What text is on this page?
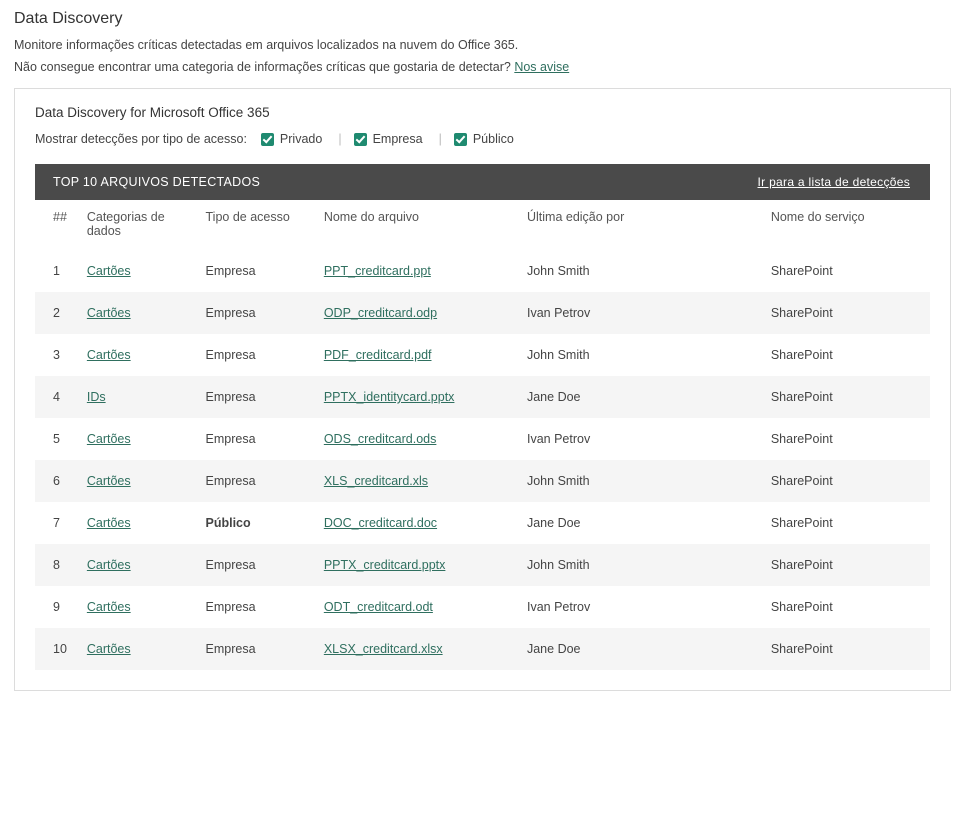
Data Discovery
Monitore informações críticas detectadas em arquivos localizados na nuvem do Office 365.
Não consegue encontrar uma categoria de informações críticas que gostaria de detectar? Nos avise
Data Discovery for Microsoft Office 365
Mostrar detecções por tipo de acesso:	Privado | Empresa | Público
TOP 10 ARQUIVOS DETECTADOS	Ir para a lista de detecções
##	Categorias de dados	Tipo de acesso	Nome do arquivo	Última edição por	Nome do serviço
1	Cartões	Empresa	PPT_creditcard.ppt	John Smith	SharePoint
2	Cartões	Empresa	ODP_creditcard.odp	Ivan Petrov	SharePoint
3	Cartões	Empresa	PDF_creditcard.pdf	John Smith	SharePoint
4	IDs	Empresa	PPTX_identitycard.pptx	Jane Doe	SharePoint
5	Cartões	Empresa	ODS_creditcard.ods	Ivan Petrov	SharePoint
6	Cartões	Empresa	XLS_creditcard.xls	John Smith	SharePoint
7	Cartões	Público	DOC_creditcard.doc	Jane Doe	SharePoint
8	Cartões	Empresa	PPTX_creditcard.pptx	John Smith	SharePoint
9	Cartões	Empresa	ODT_creditcard.odt	Ivan Petrov	SharePoint
10	Cartões	Empresa	XLSX_creditcard.xlsx	Jane Doe	SharePoint
